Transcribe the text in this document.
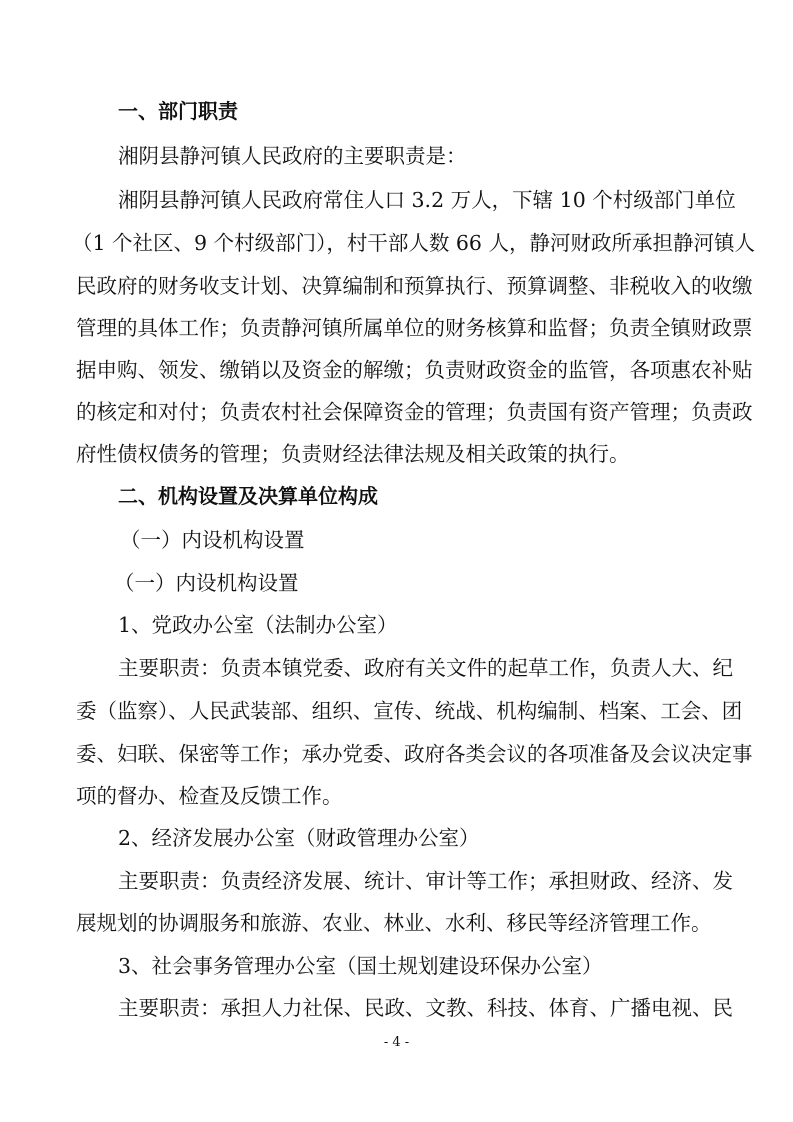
一、部门职责
湘阴县静河镇人民政府的主要职责是：
湘阴县静河镇人民政府常住人口 3.2 万人，下辖 10 个村级部门单位
（1 个社区、9 个村级部门），村干部人数 66 人，静河财政所承担静河镇人
民政府的财务收支计划、决算编制和预算执行、预算调整、非税收入的收缴
管理的具体工作；负责静河镇所属单位的财务核算和监督；负责全镇财政票
据申购、领发、缴销以及资金的解缴；负责财政资金的监管，各项惠农补贴
的核定和对付；负责农村社会保障资金的管理；负责国有资产管理；负责政
府性债权债务的管理；负责财经法律法规及相关政策的执行。
二、机构设置及决算单位构成
（一）内设机构设置
（一）内设机构设置
1、党政办公室（法制办公室）
主要职责：负责本镇党委、政府有关文件的起草工作，负责人大、纪
委（监察）、人民武装部、组织、宣传、统战、机构编制、档案、工会、团
委、妇联、保密等工作；承办党委、政府各类会议的各项准备及会议决定事
项的督办、检查及反馈工作。
2、经济发展办公室（财政管理办公室）
主要职责：负责经济发展、统计、审计等工作；承担财政、经济、发
展规划的协调服务和旅游、农业、林业、水利、移民等经济管理工作。
3、社会事务管理办公室（国土规划建设环保办公室）
主要职责：承担人力社保、民政、文教、科技、体育、广播电视、民
- 4 -
